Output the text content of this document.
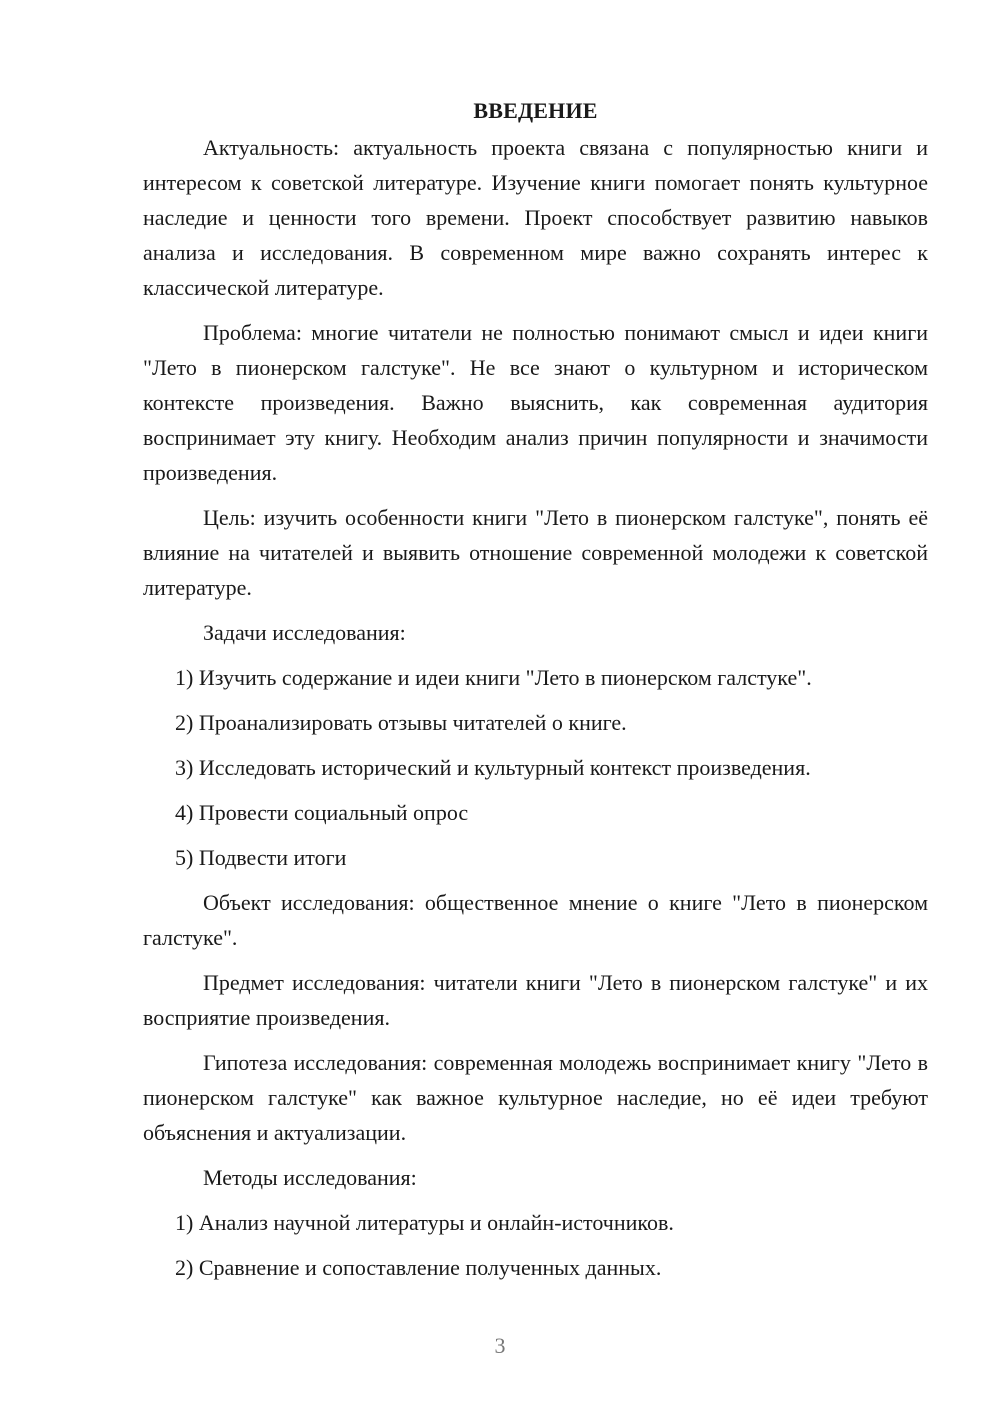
ВВЕДЕНИЕ

Актуальность: актуальность проекта связана с популярностью книги и интересом к советской литературе. Изучение книги помогает понять культурное наследие и ценности того времени. Проект способствует развитию навыков анализа и исследования. В современном мире важно сохранять интерес к классической литературе.

Проблема: многие читатели не полностью понимают смысл и идеи книги "Лето в пионерском галстуке". Не все знают о культурном и историческом контексте произведения. Важно выяснить, как современная аудитория воспринимает эту книгу. Необходим анализ причин популярности и значимости произведения.

Цель: изучить особенности книги "Лето в пионерском галстуке", понять её влияние на читателей и выявить отношение современной молодежи к советской литературе.

Задачи исследования:

1) Изучить содержание и идеи книги "Лето в пионерском галстуке".
2) Проанализировать отзывы читателей о книге.
3) Исследовать исторический и культурный контекст произведения.
4) Провести социальный опрос
5) Подвести итоги

Объект исследования: общественное мнение о книге "Лето в пионерском галстуке".

Предмет исследования: читатели книги "Лето в пионерском галстуке" и их восприятие произведения.

Гипотеза исследования: современная молодежь воспринимает книгу "Лето в пионерском галстуке" как важное культурное наследие, но её идеи требуют объяснения и актуализации.

Методы исследования:

1) Анализ научной литературы и онлайн-источников.
2) Сравнение и сопоставление полученных данных.
3
